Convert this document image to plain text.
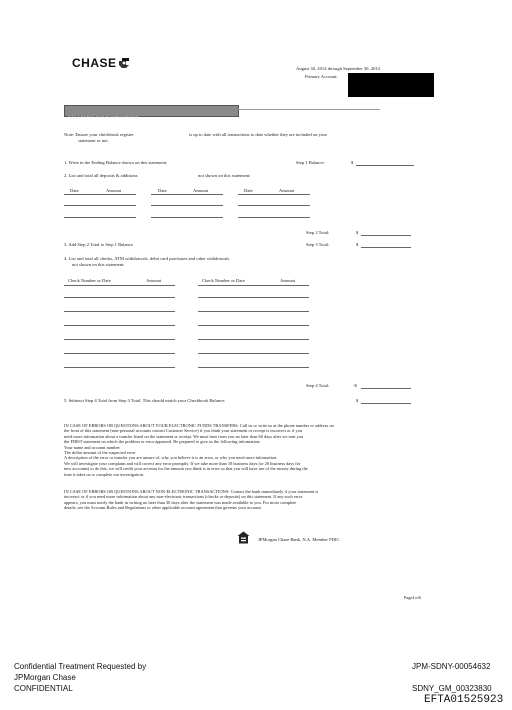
CHASE	August 30, 2014 through September 30, 2014
Primary Account:
BALANCING YOUR CHECKBOOK
Note: Ensure your checkbook register	is up to date with all transactions to date whether they are included on your
statement or not.
1. Write in the Ending Balance shown on this statement:	Step 1 Balance:	$
2. List and total all deposits & additions	not shown on this statement:
Date	Amount	Date	Amount	Date	Amount
Step 2 Total:	$
3. Add Step 2 Total to Step 1 Balance	Step 3 Total:	$
4. List and total all checks, ATM withdrawals, debit card purchases and other withdrawals
not shown on this statement:
Check Number or Date	Amount	Check Number or Date	Amount
Step 4 Total:	-$
5. Subtract Step 4 Total from Step 3 Total. This should match your Checkbook Balance:	$
IN CASE OF ERRORS OR QUESTIONS ABOUT YOUR ELECTRONIC FUNDS TRANSFERS: Call us or write us at the phone number or address on
the front of this statement (non-personal accounts contact Customer Service) if you think your statement or receipt is incorrect or if you
need more information about a transfer listed on the statement or receipt. We must hear from you no later than 60 days after we sent you
the FIRST statement on which the problem or error appeared. Be prepared to give us the following information:
Your name and account number
The dollar amount of the suspected error
A description of the error or transfer you are unsure of, why you believe it is an error, or why you need more information.
We will investigate your complaint and will correct any error promptly. If we take more than 10 business days (or 20 business days for
new accounts) to do this, we will credit your account for the amount you think is in error so that you will have use of the money during the
time it takes us to complete our investigation.
IN CASE OF ERRORS OR QUESTIONS ABOUT NON-ELECTRONIC TRANSACTIONS: Contact the bank immediately if your statement is
incorrect or if you need more information about any non-electronic transactions (checks or deposits) on this statement. If any such error
appears, you must notify the bank in writing no later than 30 days after the statement was made available to you. For more complete
details, see the Account Rules and Regulations or other applicable account agreement that governs your account.
JPMorgan Chase Bank, N.A. Member FDIC
Page4 of6
Confidential Treatment Requested by
JPMorgan Chase
CONFIDENTIAL
JPM-SDNY-00054632
SDNY_GM_00323830
EFTA01525923
